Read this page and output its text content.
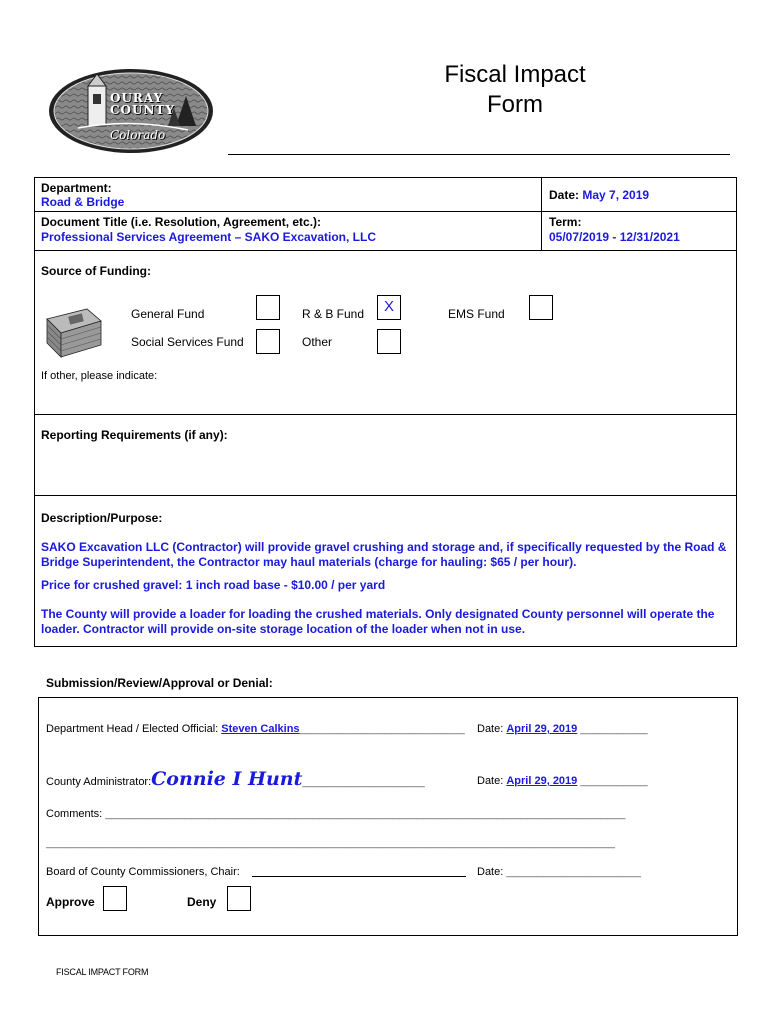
OURAY
COUNTY
Colorado
Fiscal Impact
Form
Department:
Road & Bridge	Date: May 7, 2019
Document Title (i.e. Resolution, Agreement, etc.):
Professional Services Agreement – SAKO Excavation, LLC
Term:
05/07/2019 - 12/31/2021
Source of Funding:
General Fund	R & B Fund	X	EMS Fund
Social Services Fund	Other
If other, please indicate:
Reporting Requirements (if any):
Description/Purpose:
SAKO Excavation LLC (Contractor) will provide gravel crushing and storage and, if specifically requested by the Road & Bridge Superintendent, the Contractor may haul materials (charge for hauling: $65 / per hour).
Price for crushed gravel: 1 inch road base - $10.00 / per yard
The County will provide a loader for loading the crushed materials. Only designated County personnel will operate the loader. Contractor will provide on-site storage location of the loader when not in use.
Submission/Review/Approval or Denial:
Department Head / Elected Official: Steven Calkins___________________________ Date: April 29, 2019 ___________
County Administrator:Connie I Hunt____________________	Date: April 29, 2019 ___________
Comments: _____________________________________________________________________________________
_____________________________________________________________________________________________
Board of County Commissioners, Chair:	Date: ______________________
Approve	Deny
FISCAL IMPACT FORM
